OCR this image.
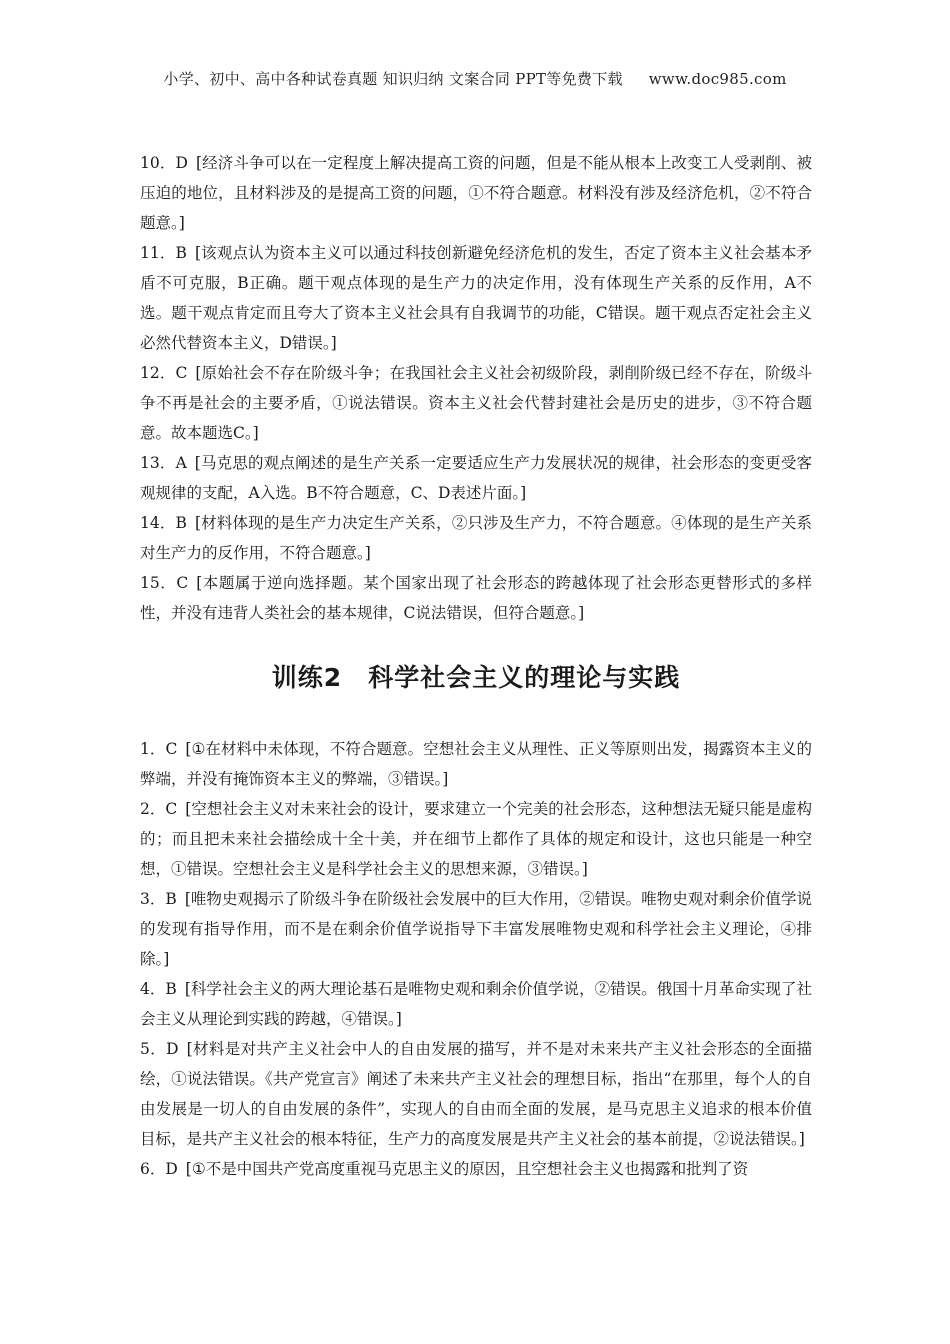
小学、初中、高中各种试卷真题 知识归纳 文案合同 PPT等免费下载 www.doc985.com

10．D [经济斗争可以在一定程度上解决提高工资的问题，但是不能从根本上改变工人受剥削、被压迫的地位，且材料涉及的是提高工资的问题，①不符合题意。材料没有涉及经济危机，②不符合题意。]

11．B [该观点认为资本主义可以通过科技创新避免经济危机的发生，否定了资本主义社会基本矛盾不可克服，B正确。题干观点体现的是生产力的决定作用，没有体现生产关系的反作用，A不选。题干观点肯定而且夸大了资本主义社会具有自我调节的功能，C错误。题干观点否定社会主义必然代替资本主义，D错误。]

12．C [原始社会不存在阶级斗争；在我国社会主义社会初级阶段，剥削阶级已经不存在，阶级斗争不再是社会的主要矛盾，①说法错误。资本主义社会代替封建社会是历史的进步，③不符合题意。故本题选C。]

13．A [马克思的观点阐述的是生产关系一定要适应生产力发展状况的规律，社会形态的变更受客观规律的支配，A入选。B不符合题意，C、D表述片面。]

14．B [材料体现的是生产力决定生产关系，②只涉及生产力，不符合题意。④体现的是生产关系对生产力的反作用，不符合题意。]

15．C [本题属于逆向选择题。某个国家出现了社会形态的跨越体现了社会形态更替形式的多样性，并没有违背人类社会的基本规律，C说法错误，但符合题意。]

训练2　科学社会主义的理论与实践

1．C [①在材料中未体现，不符合题意。空想社会主义从理性、正义等原则出发，揭露资本主义的弊端，并没有掩饰资本主义的弊端，③错误。]

2．C [空想社会主义对未来社会的设计，要求建立一个完美的社会形态，这种想法无疑只能是虚构的；而且把未来社会描绘成十全十美，并在细节上都作了具体的规定和设计，这也只能是一种空想，①错误。空想社会主义是科学社会主义的思想来源，③错误。]

3．B [唯物史观揭示了阶级斗争在阶级社会发展中的巨大作用，②错误。唯物史观对剩余价值学说的发现有指导作用，而不是在剩余价值学说指导下丰富发展唯物史观和科学社会主义理论，④排除。]

4．B [科学社会主义的两大理论基石是唯物史观和剩余价值学说，②错误。俄国十月革命实现了社会主义从理论到实践的跨越，④错误。]

5．D [材料是对共产主义社会中人的自由发展的描写，并不是对未来共产主义社会形态的全面描绘，①说法错误。《共产党宣言》阐述了未来共产主义社会的理想目标，指出“在那里，每个人的自由发展是一切人的自由发展的条件”，实现人的自由而全面的发展，是马克思主义追求的根本价值目标，是共产主义社会的根本特征，生产力的高度发展是共产主义社会的基本前提，②说法错误。]

6．D [①不是中国共产党高度重视马克思主义的原因，且空想社会主义也揭露和批判了资
